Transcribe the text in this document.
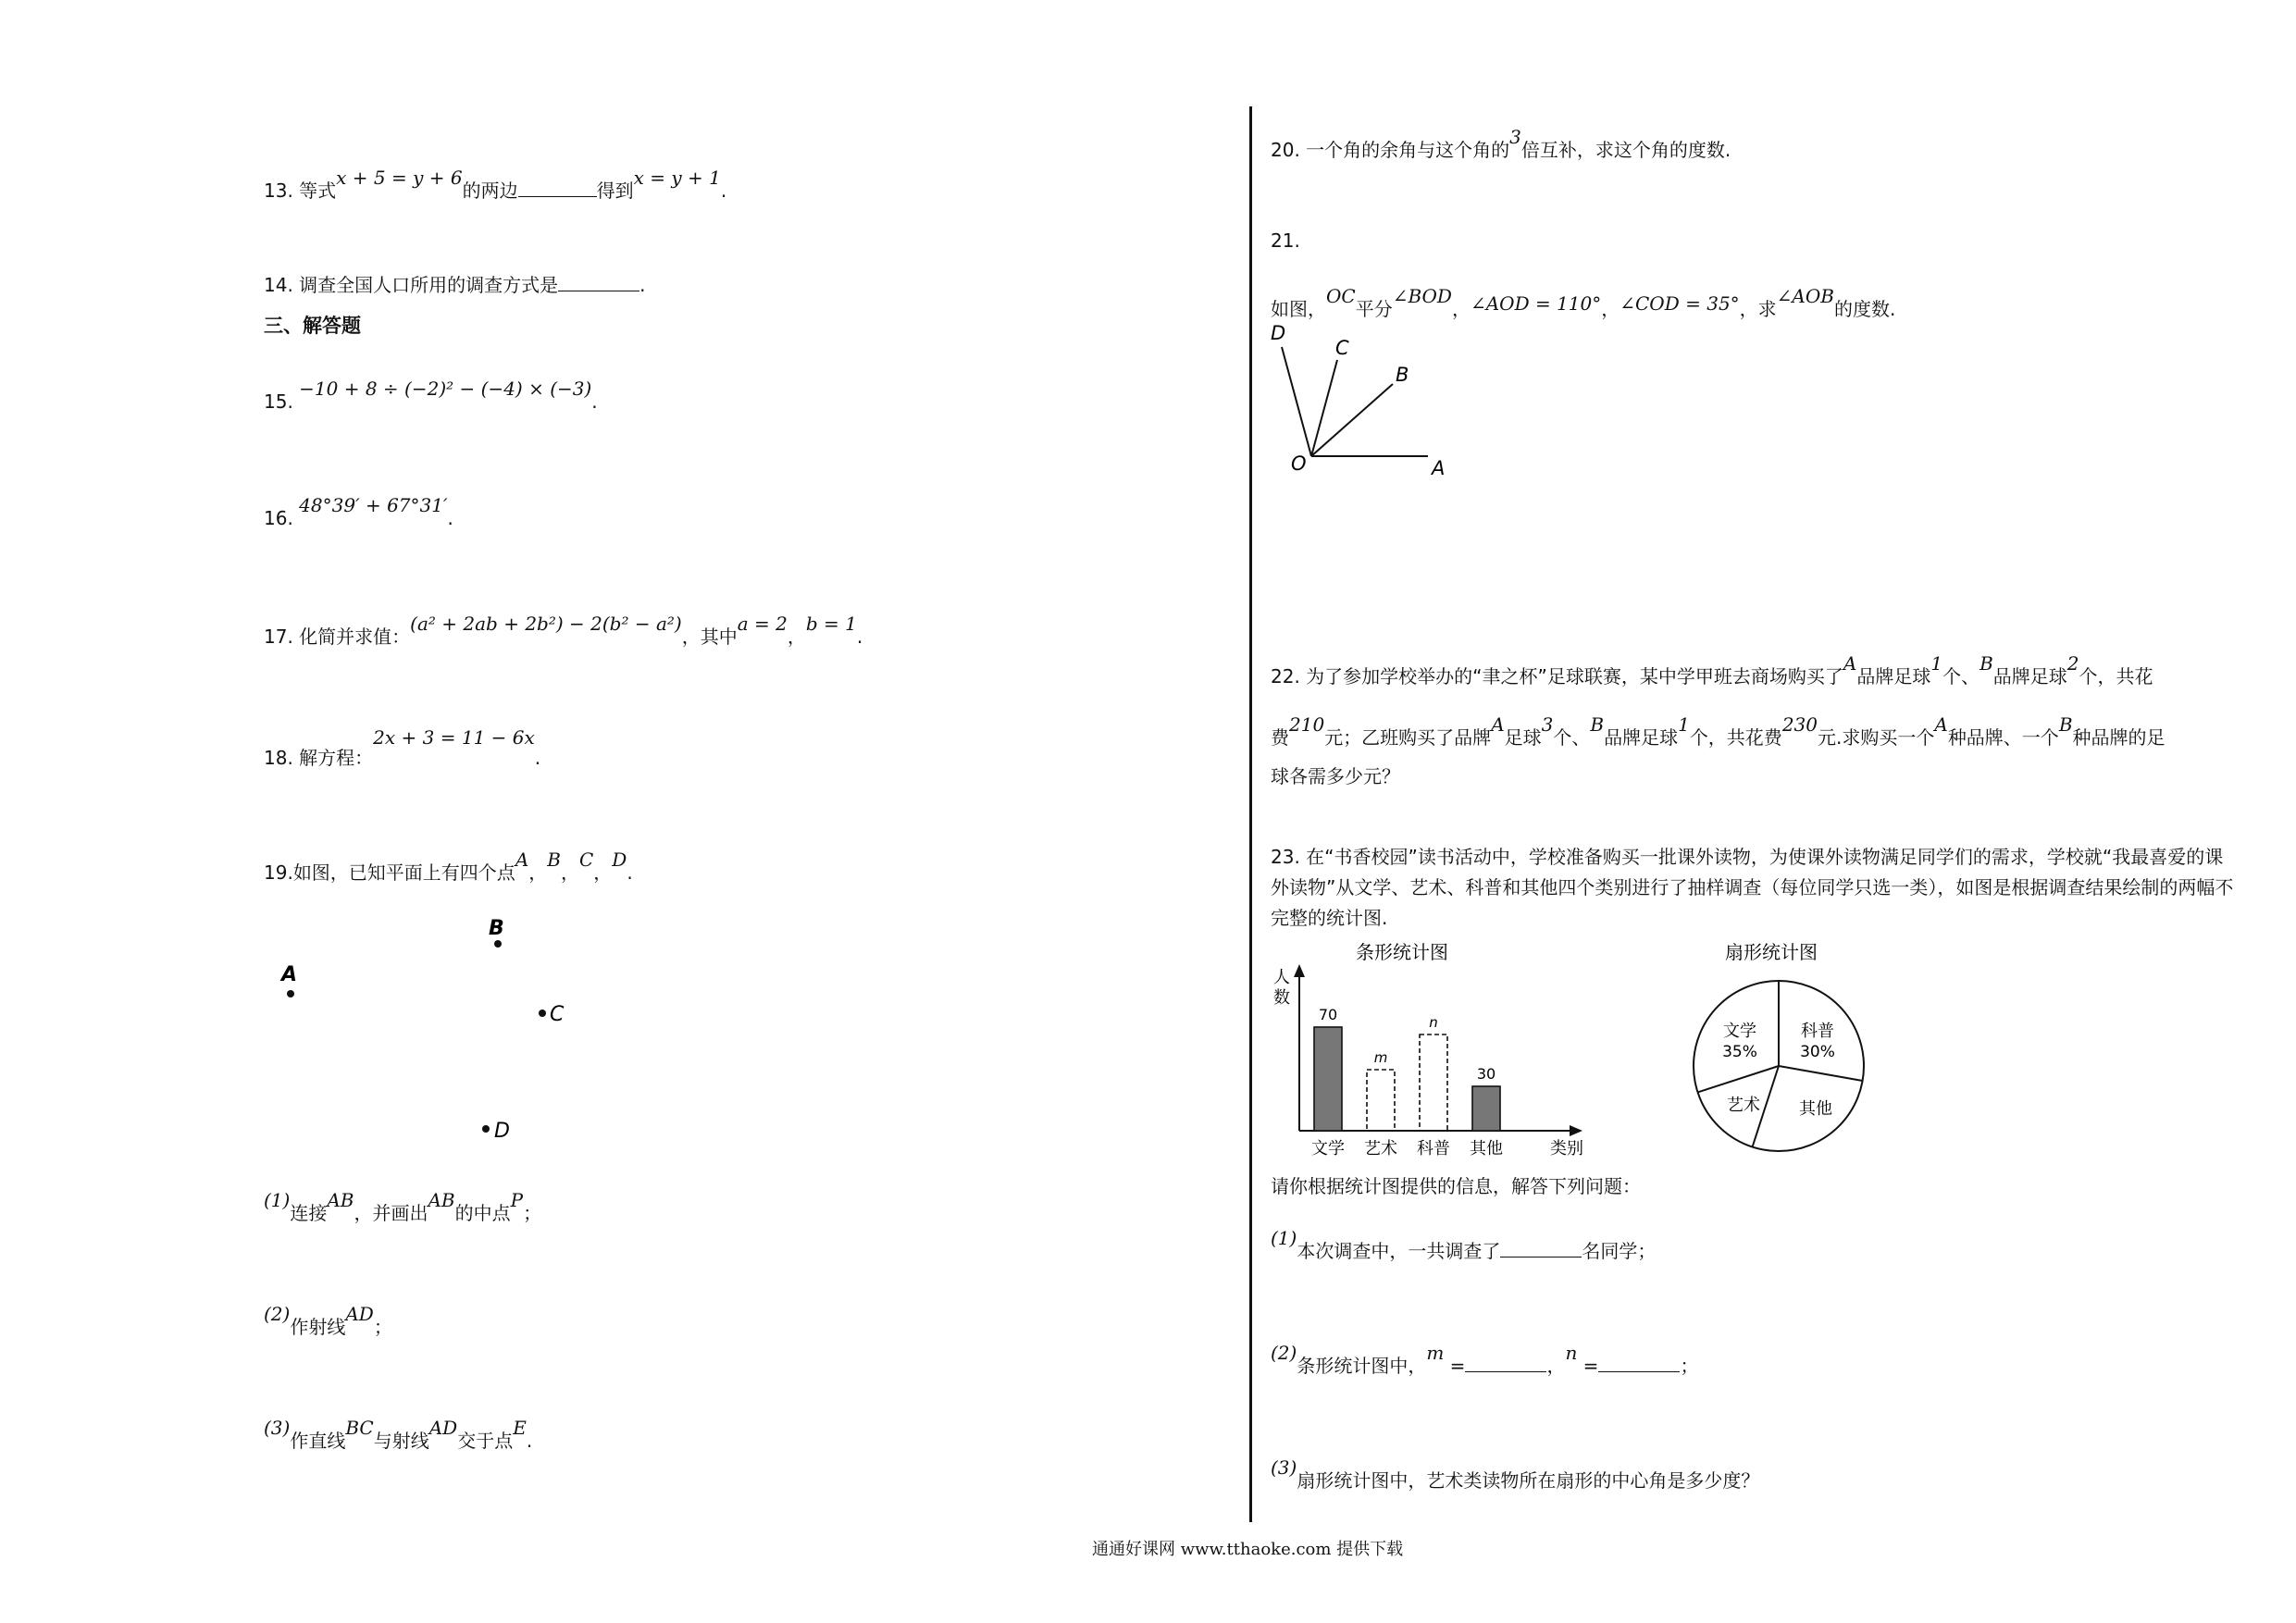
13. 等式x + 5 = y + 6的两边	得到x = y + 1.
14. 调查全国人口所用的调查方式是	.
三、解答题
15. −10 + 8 ÷ (−2)² − (−4) × (−3).
16. 48°39′ + 67°31′.
17. 化简并求值：(a² + 2ab + 2b²) − 2(b² − a²)，其中a = 2，b = 1.
18. 解方程：2x + 3 = 11 − 6x.
19.如图，已知平面上有四个点A，B，C，D.
B
A
C
D
(1)连接AB，并画出AB的中点P；
(2)作射线AD；
(3)作直线BC与射线AD交于点E.
20. 一个角的余角与这个角的3倍互补，求这个角的度数.
21.
如图，OC平分∠BOD，∠AOD = 110°，∠COD = 35°，求∠AOB的度数.
D
C
B
O	A
22. 为了参加学校举办的“聿之杯”足球联赛，某中学甲班去商场购买了A品牌足球1个、B品牌足球2个，共花
费210元；乙班购买了品牌A足球3个、B品牌足球1个，共花费230元.求购买一个A种品牌、一个B种品牌的足
球各需多少元？
23. 在“书香校园”读书活动中，学校准备购买一批课外读物，为使课外读物满足同学们的需求，学校就“我最喜爱的课外读物”从文学、艺术、科普和其他四个类别进行了抽样调查（每位同学只选一类），如图是根据调查结果绘制的两幅不完整的统计图.
条形统计图
人
数
类别
70
文学
m
艺术
n
科普
30
其他
扇形统计图
文学
35%
科普
30%
其他
艺术
请你根据统计图提供的信息，解答下列问题：
(1)本次调查中，一共调查了	名同学；
(2)条形统计图中，m =	，n =	；
(3)扇形统计图中，艺术类读物所在扇形的中心角是多少度？
通通好课网 www.tthaoke.com 提供下载
